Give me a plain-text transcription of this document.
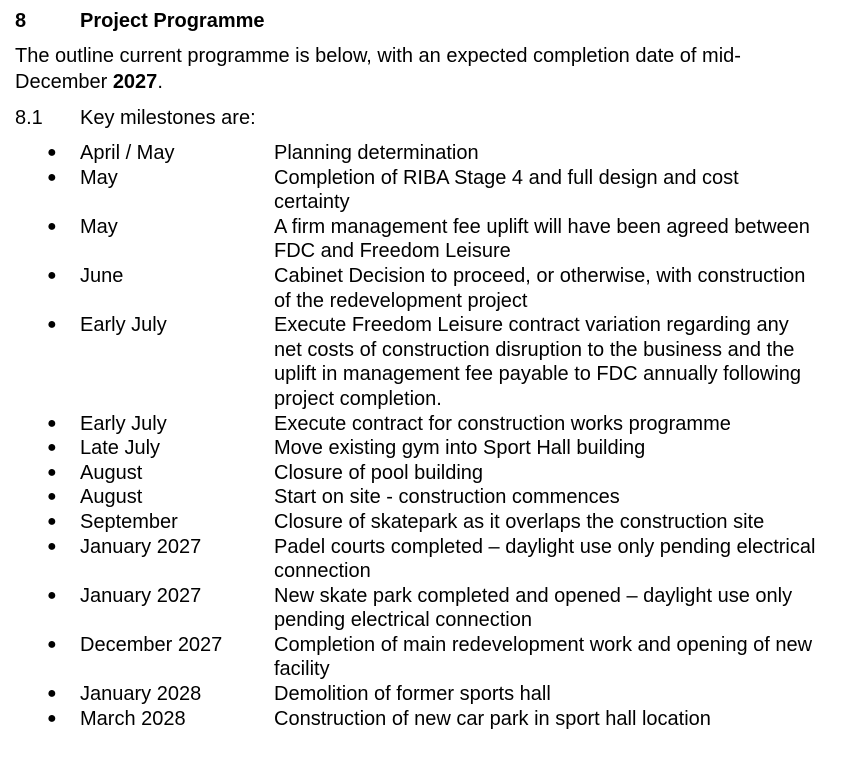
8	Project Programme
The outline current programme is below, with an expected completion date of mid-December 2027.
8.1 Key milestones are:
● April / May	Planning determination
● May	Completion of RIBA Stage 4 and full design and cost certainty
● May	A firm management fee uplift will have been agreed between FDC and Freedom Leisure
● June	Cabinet Decision to proceed, or otherwise, with construction of the redevelopment project
● Early July	Execute Freedom Leisure contract variation regarding any net costs of construction disruption to the business and the uplift in management fee payable to FDC annually following project completion.
● Early July	Execute contract for construction works programme
● Late July	Move existing gym into Sport Hall building
● August	Closure of pool building
● August	Start on site - construction commences
● September	Closure of skatepark as it overlaps the construction site
● January 2027	Padel courts completed – daylight use only pending electrical connection
● January 2027	New skate park completed and opened – daylight use only pending electrical connection
● December 2027	Completion of main redevelopment work and opening of new facility
● January 2028	Demolition of former sports hall
● March 2028	Construction of new car park in sport hall location
